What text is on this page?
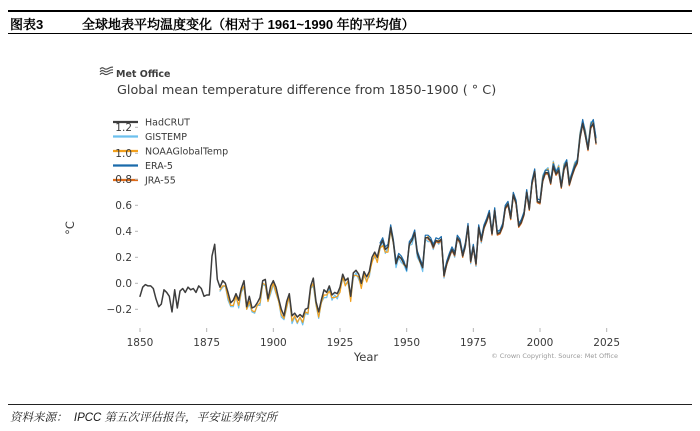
图表3	全球地表平均温度变化（相对于 1961~1990 年的平均值）
Met Office
Global mean temperature difference from 1850-1900 ( ° C)
HadCRUT
GISTEMP
NOAAGlobalTemp
ERA-5
JRA-55
1.2
1.0
0.8
0.6
0.4
0.2
0.0
−0.2
1850	1875	1900	1925	1950	1975	2000	2025
Year
°C
© Crown Copyright. Source: Met Office
资料来源：  IPCC 第五次评估报告，平安证券研究所
